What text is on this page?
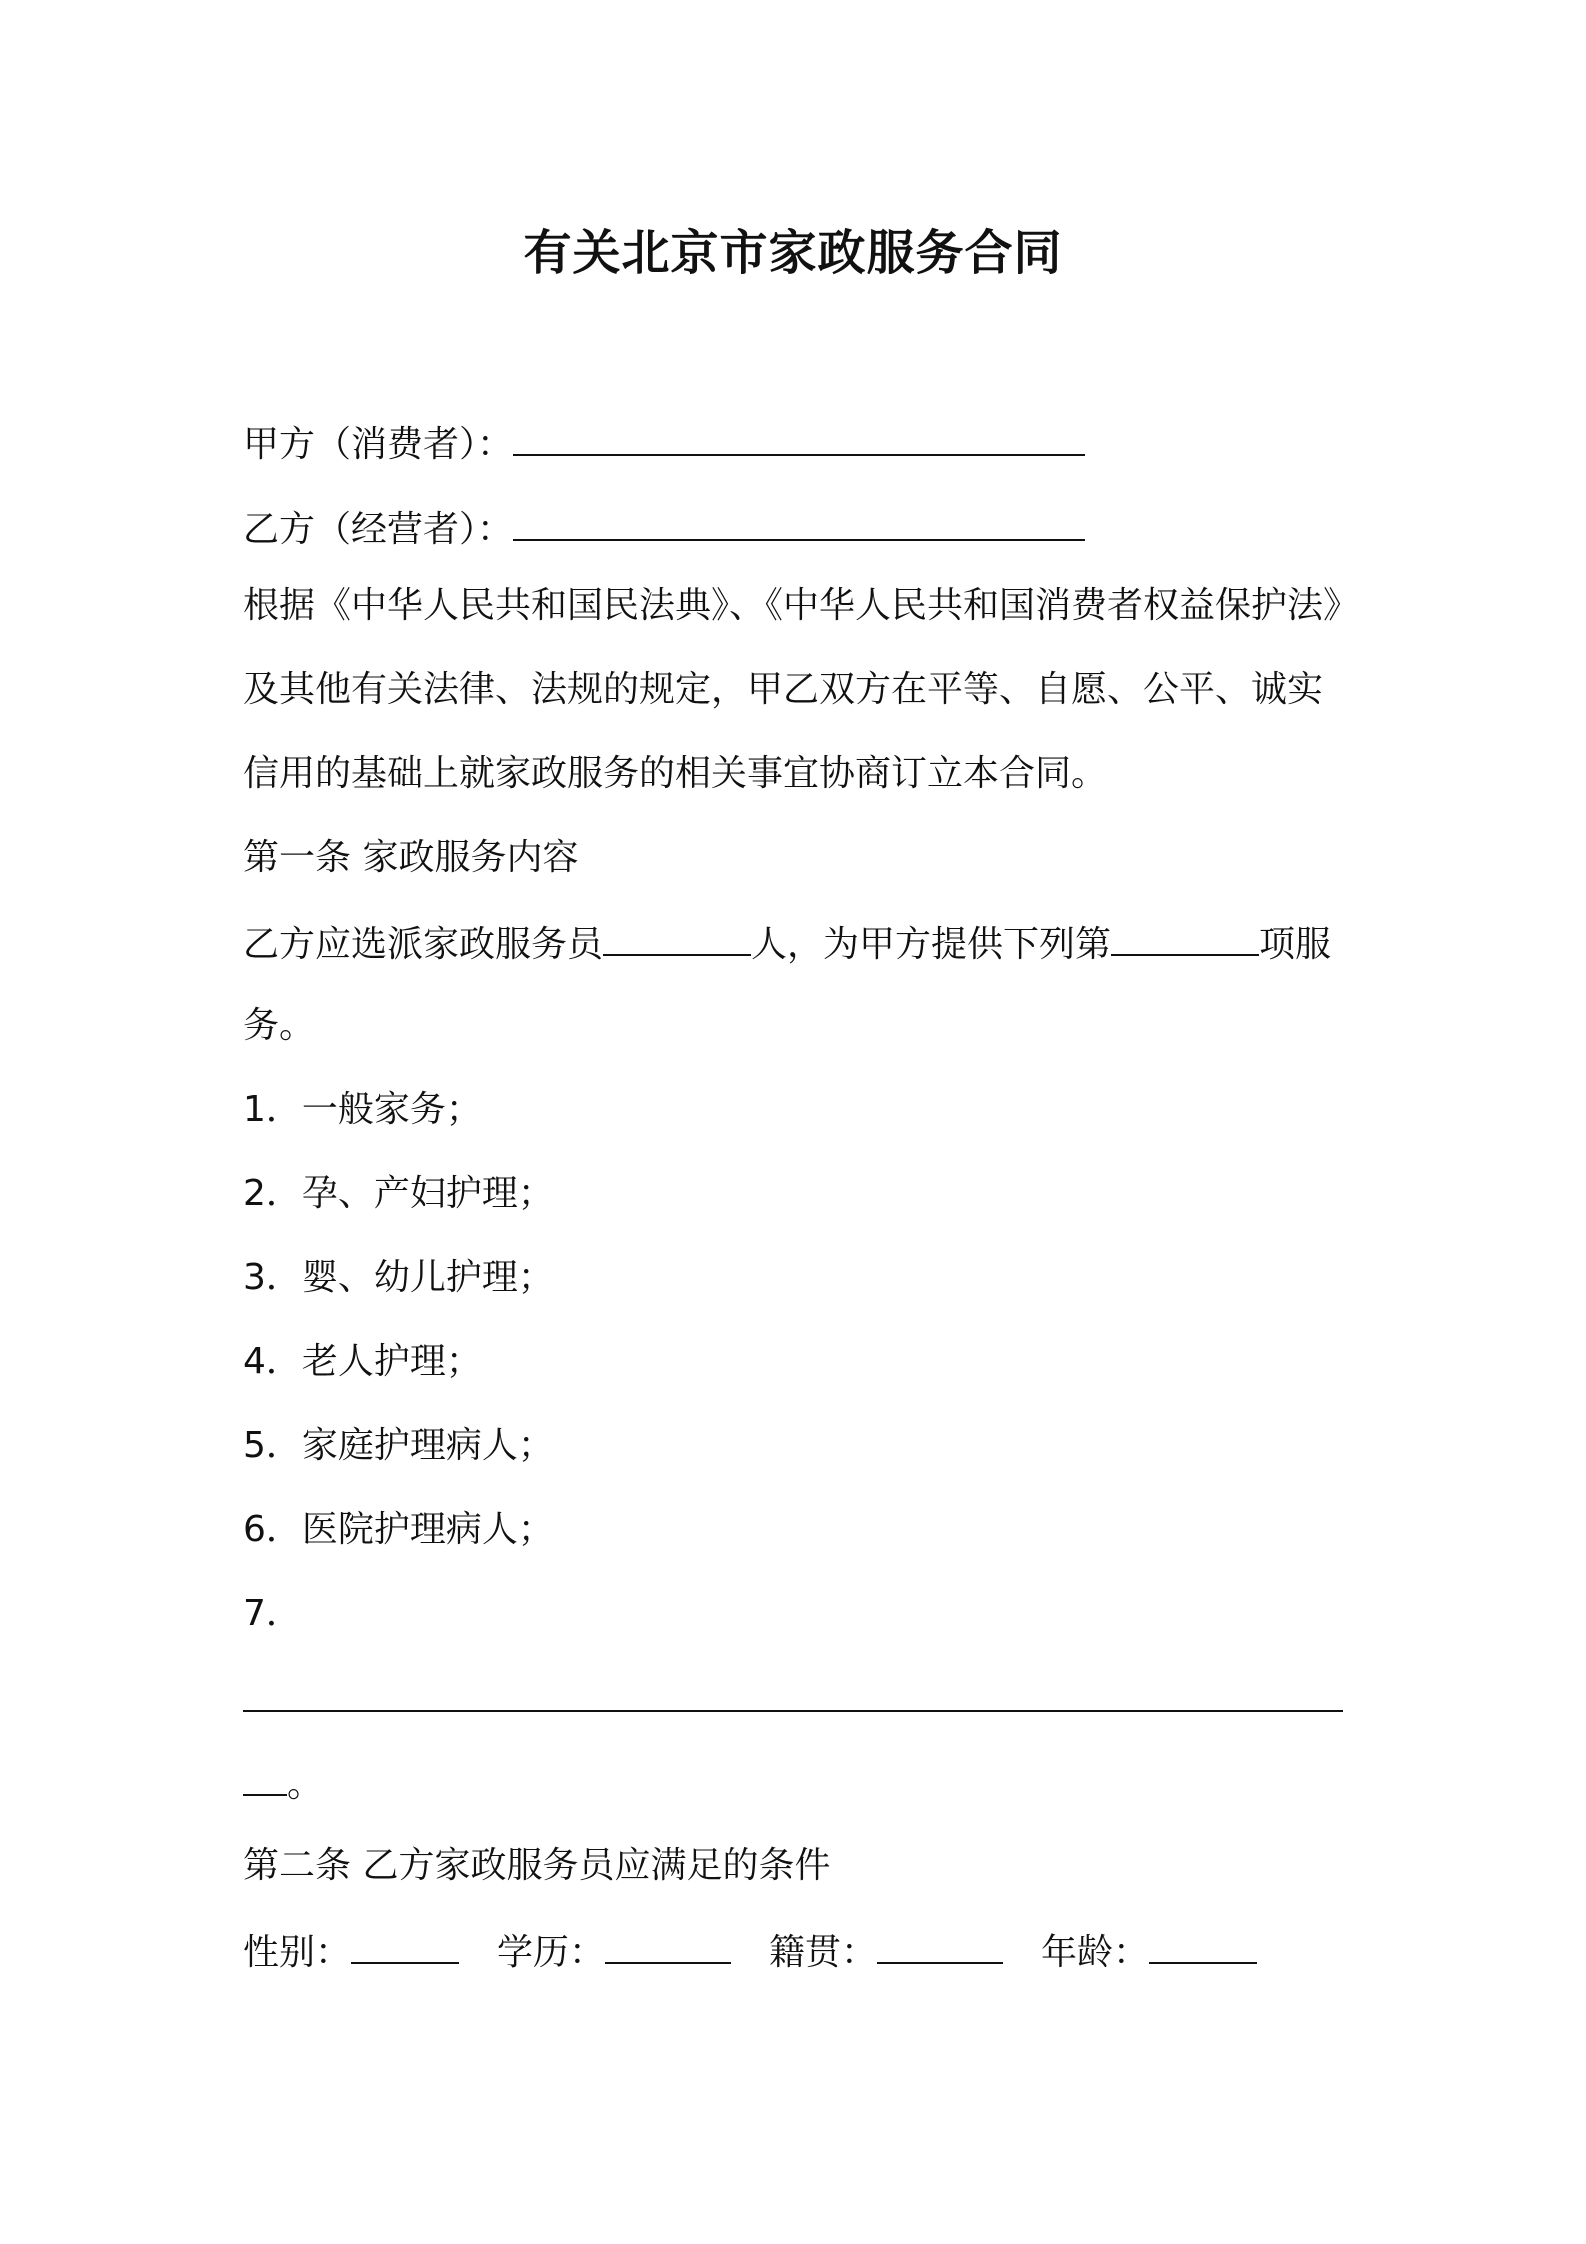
有关北京市家政服务合同
甲方（消费者）：
乙方（经营者）：
根据《中华人民共和国民法典》、《中华人民共和国消费者权益保护法》
及其他有关法律、法规的规定，甲乙双方在平等、自愿、公平、诚实
信用的基础上就家政服务的相关事宜协商订立本合同。
第一条 家政服务内容
乙方应选派家政服务员	人，为甲方提供下列第	项服
务。
1．一般家务；
2．孕、产妇护理；
3．婴、幼儿护理；
4．老人护理；
5．家庭护理病人；
6．医院护理病人；
7．
。
第二条 乙方家政服务员应满足的条件
性别：	学历：	籍贯：	年龄：
